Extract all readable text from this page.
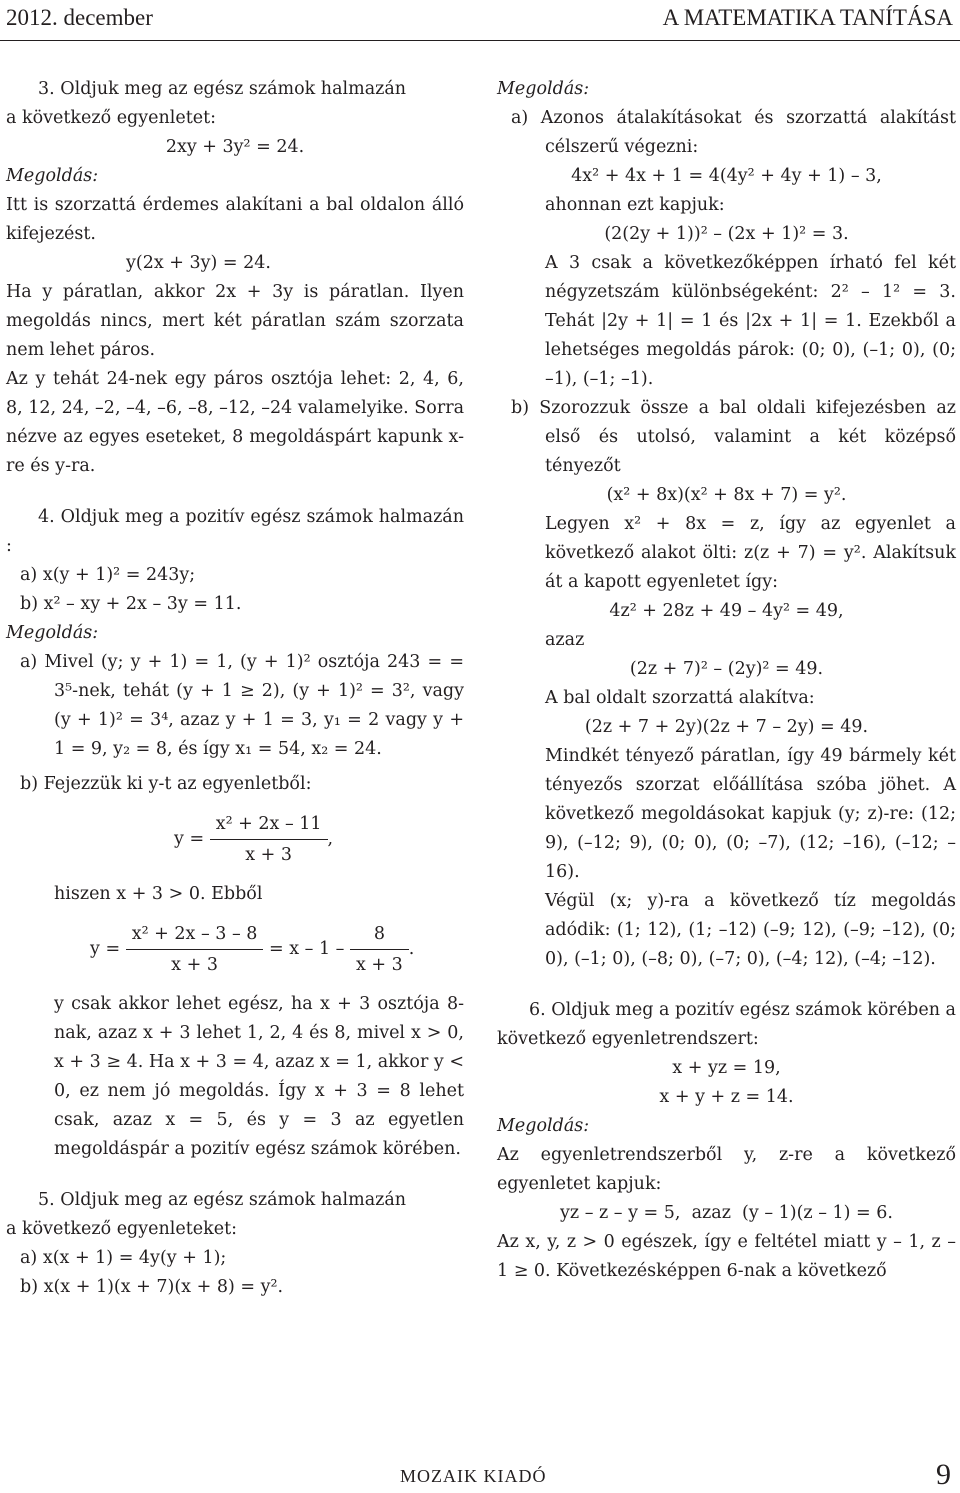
2012. december	A MATEMATIKA TANÍTÁSA

3. Oldjuk meg az egész számok halmazán

a következő egyenletet:

2xy + 3y² = 24.

Megoldás:

Itt is szorzattá érdemes alakítani a bal oldalon álló kifejezést.

y(2x + 3y) = 24.

Ha y páratlan, akkor 2x + 3y is páratlan. Ilyen megoldás nincs, mert két páratlan szám szorzata nem lehet páros.

Az y tehát 24-nek egy páros osztója lehet: 2, 4, 6, 8, 12, 24, –2, –4, –6, –8, –12, –24 valamelyike. Sorra nézve az egyes eseteket, 8 megoldáspárt kapunk x-re és y-ra.

4. Oldjuk meg a pozitív egész számok halmazán :

a) x(y + 1)² = 243y;

b) x² – xy + 2x – 3y = 11.

Megoldás:

a) Mivel (y; y + 1) = 1, (y + 1)² osztója 243 = = 3⁵-nek, tehát (y + 1 ≥ 2), (y + 1)² = 3², vagy (y + 1)² = 3⁴, azaz y + 1 = 3, y₁ = 2 vagy y + 1 = 9, y₂ = 8, és így x₁ = 54, x₂ = 24.

b) Fejezzük ki y-t az egyenletből:

$y = \frac{\text{x² + 2x – 11}}{x + 3}$ ,

hiszen x + 3 > 0. Ebből

$y = \frac{\text{x² + 2x – 3 – 8}}{x + 3} = x - 1 - \frac{8}{x + 3}$ .

y csak akkor lehet egész, ha x + 3 osztója 8-nak, azaz x + 3 lehet 1, 2, 4 és 8, mivel x > 0, x + 3 ≥ 4. Ha x + 3 = 4, azaz x = 1, akkor y < 0, ez nem jó megoldás. Így x + 3 = 8 lehet csak, azaz x = 5, és y = 3 az egyetlen megoldáspár a pozitív egész számok körében.

5. Oldjuk meg az egész számok halmazán

a következő egyenleteket:

a) x(x + 1) = 4y(y + 1);

b) x(x + 1)(x + 7)(x + 8) = y².

Megoldás:

a) Azonos átalakításokat és szorzattá alakítást célszerű végezni:

4x² + 4x + 1 = 4(4y² + 4y + 1) – 3,

ahonnan ezt kapjuk:

(2(2y + 1))² – (2x + 1)² = 3.

A 3 csak a következőképpen írható fel két négyzetszám különbségeként: 2² – 1² = 3. Tehát |2y + 1| = 1 és |2x + 1| = 1. Ezekből a lehetséges megoldás párok: (0; 0), (–1; 0), (0; –1), (–1; –1).

b) Szorozzuk össze a bal oldali kifejezésben az első és utolsó, valamint a két középső tényezőt

(x² + 8x)(x² + 8x + 7) = y².

Legyen x² + 8x = z, így az egyenlet a következő alakot ölti: z(z + 7) = y². Alakítsuk át a kapott egyenletet így:

4z² + 28z + 49 – 4y² = 49,

azaz

(2z + 7)² – (2y)² = 49.

A bal oldalt szorzattá alakítva:

(2z + 7 + 2y)(2z + 7 – 2y) = 49.

Mindkét tényező páratlan, így 49 bármely két tényezős szorzat előállítása szóba jöhet. A következő megoldásokat kapjuk (y; z)-re: (12; 9), (–12; 9), (0; 0), (0; –7), (12; –16), (–12; –16).

Végül (x; y)-ra a következő tíz megoldás adódik: (1; 12), (1; –12) (–9; 12), (–9; –12), (0; 0), (–1; 0), (–8; 0), (–7; 0), (–4; 12), (–4; –12).

6. Oldjuk meg a pozitív egész számok körében a következő egyenletrendszert:

x + yz = 19,

x + y + z = 14.

Megoldás:

Az egyenletrendszerből y, z-re a következő egyenletet kapjuk:

yz – z – y = 5,  azaz  (y – 1)(z – 1) = 6.

Az x, y, z > 0 egészek, így e feltétel miatt y – 1, z – 1 ≥ 0. Következésképpen 6-nak a következő

MOZAIK KIADÓ	9
